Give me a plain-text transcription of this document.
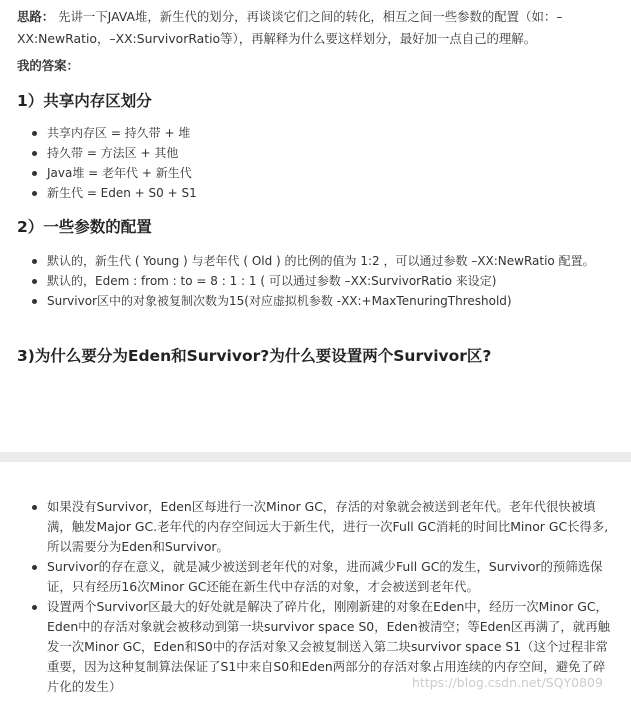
思路： 先讲一下JAVA堆，新生代的划分，再谈谈它们之间的转化，相互之间一些参数的配置（如：–XX:NewRatio，–XX:SurvivorRatio等），再解释为什么要这样划分，最好加一点自己的理解。
我的答案：
1）共享内存区划分
共享内存区 = 持久带 + 堆
持久带 = 方法区 + 其他
Java堆 = 老年代 + 新生代
新生代 = Eden + S0 + S1
2）一些参数的配置
默认的，新生代 ( Young ) 与老年代 ( Old ) 的比例的值为 1:2 ，可以通过参数 –XX:NewRatio 配置。
默认的，Edem : from : to = 8 : 1 : 1 ( 可以通过参数 –XX:SurvivorRatio 来设定)
Survivor区中的对象被复制次数为15(对应虚拟机参数 -XX:+MaxTenuringThreshold)
3)为什么要分为Eden和Survivor?为什么要设置两个Survivor区?
如果没有Survivor，Eden区每进行一次Minor GC，存活的对象就会被送到老年代。老年代很快被填满，触发Major GC.老年代的内存空间远大于新生代，进行一次Full GC消耗的时间比Minor GC长得多,所以需要分为Eden和Survivor。
Survivor的存在意义，就是减少被送到老年代的对象，进而减少Full GC的发生，Survivor的预筛选保证，只有经历16次Minor GC还能在新生代中存活的对象，才会被送到老年代。
设置两个Survivor区最大的好处就是解决了碎片化，刚刚新建的对象在Eden中，经历一次Minor GC，Eden中的存活对象就会被移动到第一块survivor space S0，Eden被清空；等Eden区再满了，就再触发一次Minor GC，Eden和S0中的存活对象又会被复制送入第二块survivor space S1（这个过程非常重要，因为这种复制算法保证了S1中来自S0和Eden两部分的存活对象占用连续的内存空间，避免了碎片化的发生）	https://blog.csdn.net/SQY0809
